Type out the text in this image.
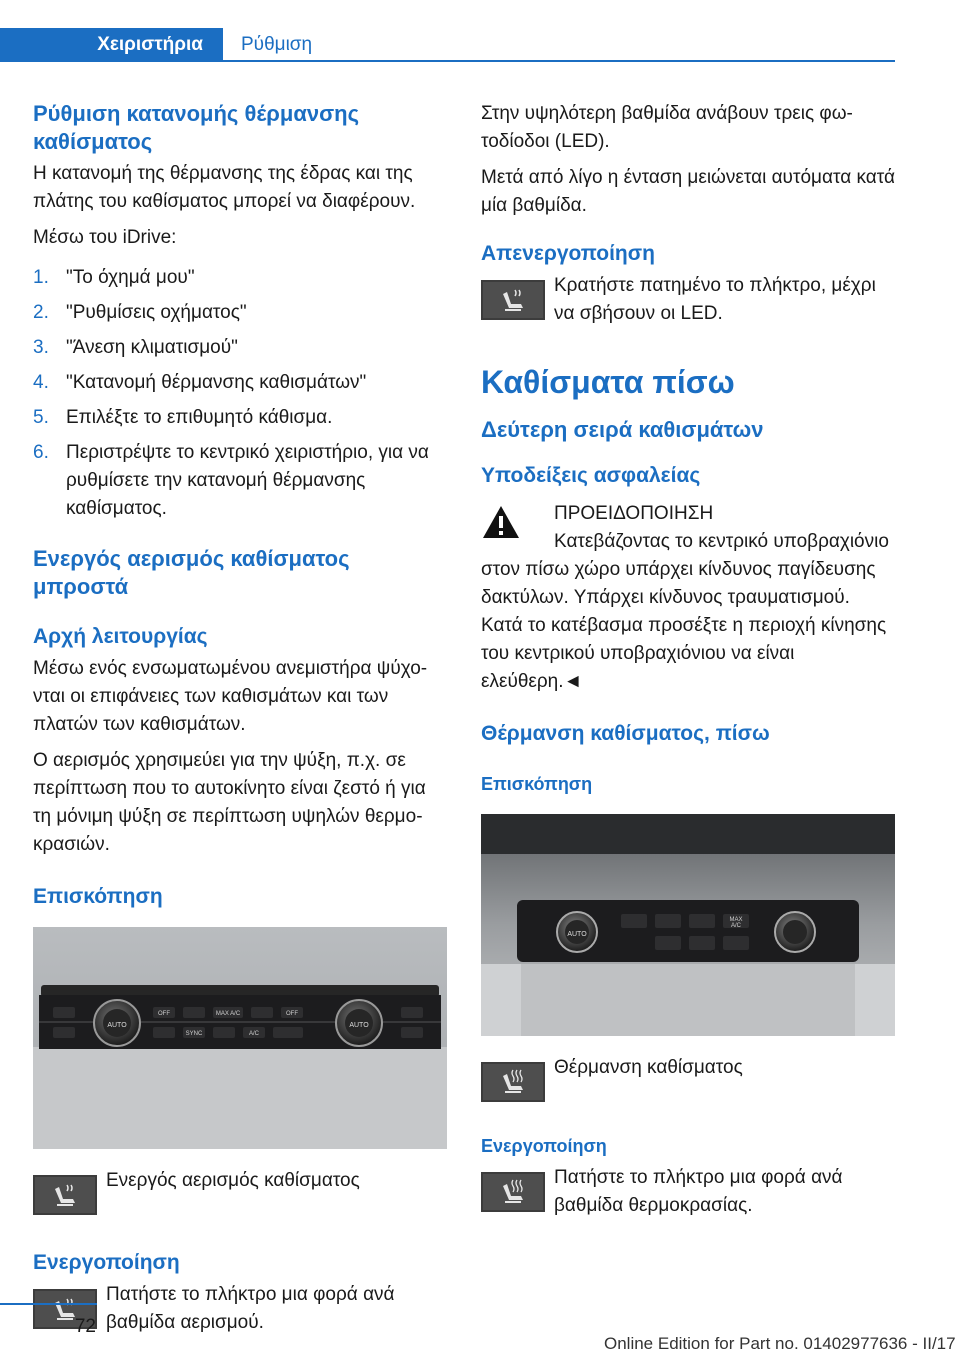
Χειριστήρια	Ρύθμιση
Ρύθμιση κατανομής θέρμανσης καθίσματος

Η κατανομή της θέρμανσης της έδρας και της πλάτης του καθίσματος μπορεί να διαφέρουν.

Μέσω του iDrive:

1. "Το όχημά μου"
2. "Ρυθμίσεις οχήματος"
3. "Άνεση κλιματισμού"
4. "Κατανομή θέρμανσης καθισμάτων"
5. Επιλέξτε το επιθυμητό κάθισμα.
6. Περιστρέψτε το κεντρικό χειριστήριο, για να ρυθμίσετε την κατανομή θέρμανσης καθίσματος.
Ενεργός αερισμός καθίσματος μπροστά
Αρχή λειτουργίας

Μέσω ενός ενσωματωμένου ανεμιστήρα ψύχονται οι επιφάνειες των καθισμάτων και των πλατών των καθισμάτων.

Ο αερισμός χρησιμεύει για την ψύξη, π.χ. σε περίπτωση που το αυτοκίνητο είναι ζεστό ή για τη μόνιμη ψύξη σε περίπτωση υψηλών θερμοκρασιών.

Επισκόπηση
AUTO	AUTO
OFF	MAX A/C	OFF
SYNC	A/C
Ενεργός αερισμός καθίσματος
Ενεργοποίηση
Πατήστε το πλήκτρο μια φορά ανά βαθμίδα αερισμού.

Στην υψηλότερη βαθμίδα ανάβουν τρεις φωτοδίοδοι (LED).

Μετά από λίγο η ένταση μειώνεται αυτόματα κατά μία βαθμίδα.

Απενεργοποίηση
Κρατήστε πατημένο το πλήκτρο, μέχρι να σβήσουν οι LED.
Καθίσματα πίσω
Δεύτερη σειρά καθισμάτων
Υποδείξεις ασφαλείας
ΠΡΟΕΙΔΟΠΟΙΗΣΗ
Κατεβάζοντας το κεντρικό υποβραχιόνιο
στον πίσω χώρο υπάρχει κίνδυνος παγίδευσης δακτύλων. Υπάρχει κίνδυνος τραυματισμού. Κατά το κατέβασμα προσέξτε η περιοχή κίνησης του κεντρικού υποβραχιόνιου να είναι ελεύθερη.◄
Θέρμανση καθίσματος, πίσω
Επισκόπηση
AUTO
MAX
A/C
Θέρμανση καθίσματος
Ενεργοποίηση
Πατήστε το πλήκτρο μια φορά ανά βαθμίδα θερμοκρασίας.
72
Online Edition for Part no. 01402977636 - II/17
